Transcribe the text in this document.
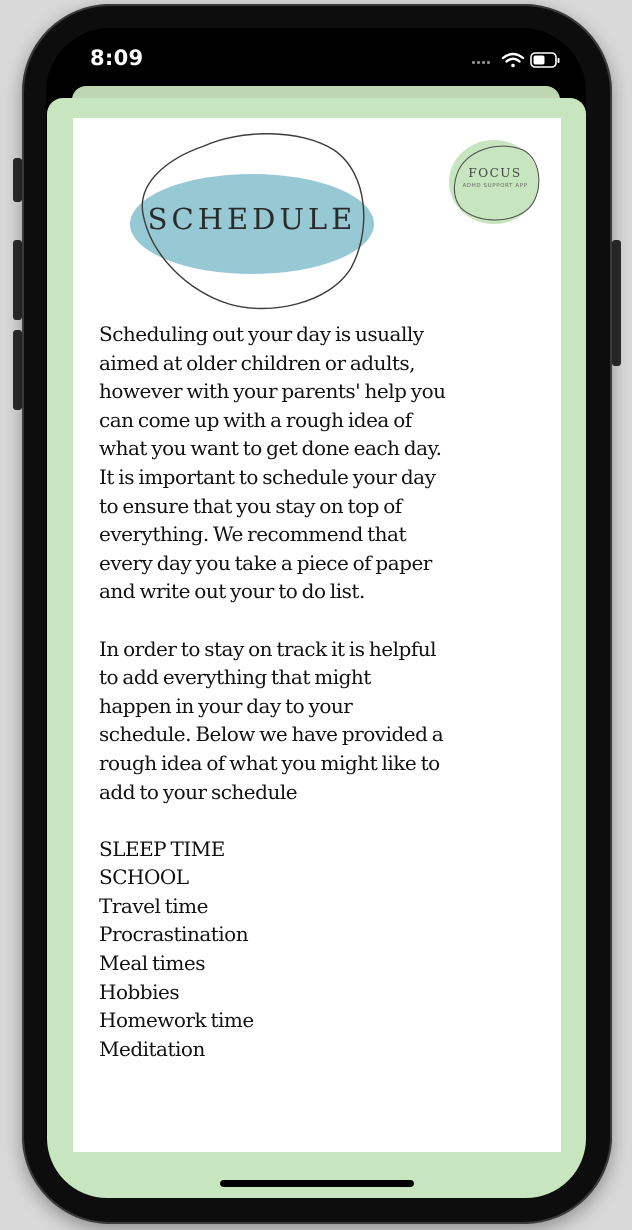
8:09
SCHEDULE
FOCUS
ADHD SUPPORT APP

Scheduling out your day is usually

aimed at older children or adults,

however with your parents' help you

can come up with a rough idea of

what you want to get done each day.

It is important to schedule your day

to ensure that you stay on top of

everything. We recommend that

every day you take a piece of paper

and write out your to do list.

In order to stay on track it is helpful

to add everything that might

happen in your day to your

schedule. Below we have provided a

rough idea of what you might like to

add to your schedule

SLEEP TIME

SCHOOL

Travel time

Procrastination

Meal times

Hobbies

Homework time

Meditation
